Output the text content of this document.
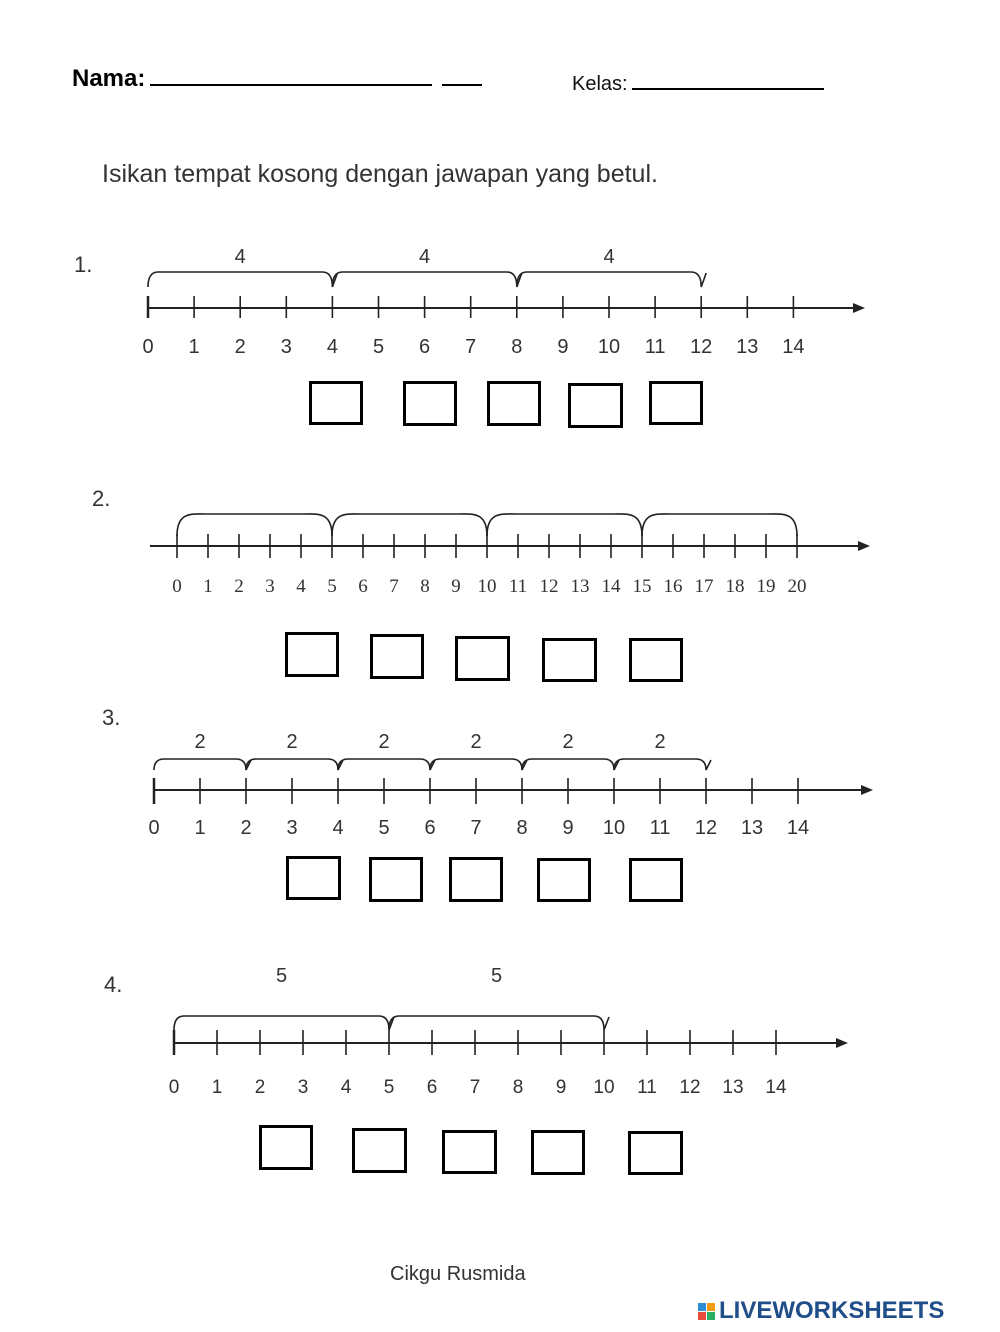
Nama:	Kelas:
Isikan tempat kosong dengan jawapan yang betul.
1.
0 1 2 3 4 5 6 7 8 9 10 11 12 13 14
4	4	4
2.
0 1 2 3 4 5 6 7 8 9 10 11 12 13 14 15 16 17 18 19 20
3.
0 1 2 3 4 5 6 7 8 9 10 11 12 13 14
2	2	2	2	2	2
4.
0 1 2 3 4 5 6 7 8 9 10 11 12 13 14
5	5
Cikgu Rusmida
LIVEWORKSHEETS
